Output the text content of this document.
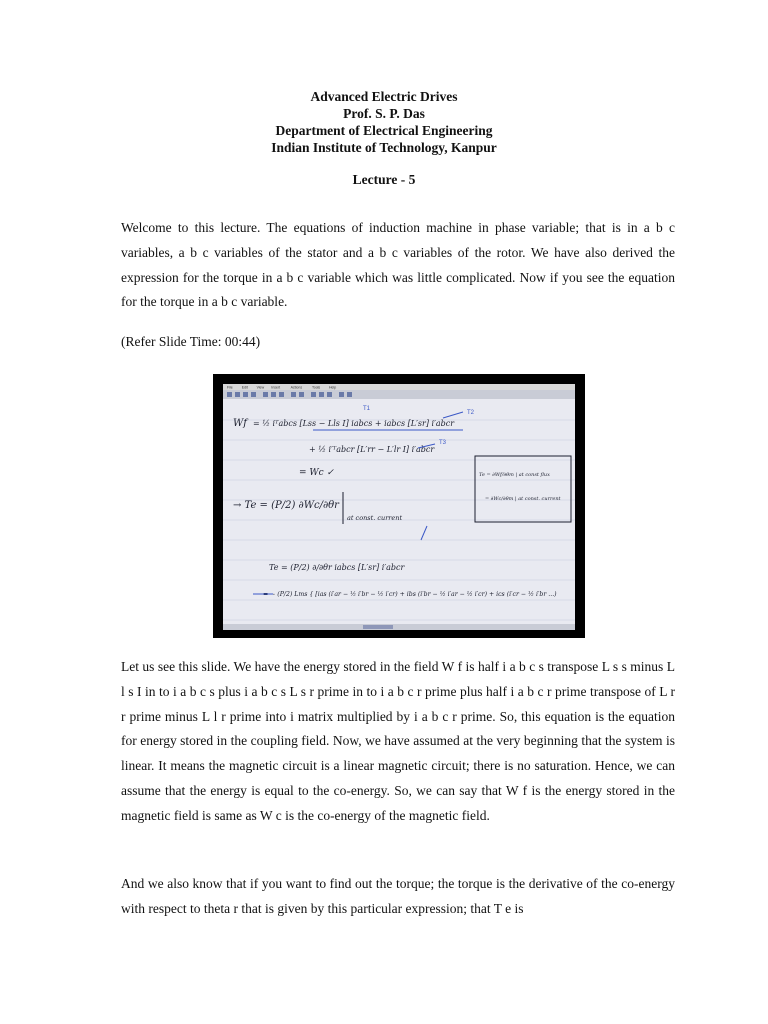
Advanced Electric Drives
Prof. S. P. Das
Department of Electrical Engineering
Indian Institute of Technology, Kanpur
Lecture - 5

Welcome to this lecture. The equations of induction machine in phase variable; that is in a b c variables, a b c variables of the stator and a b c variables of the rotor. We have also derived the expression for the torque in a b c variable which was little complicated. Now if you see the equation for the torque in a b c variable.

(Refer Slide Time: 00:44)

File	Edit	View Insert	Actions	Tools	Help
Wf = ½ iᵀabcs [Lss − Lls I] iabcs + iabcs [L′sr] i′abcr
+ ½ i′ᵀabcr [L′rr − L′lr I] i′abcr
= Wc ✓
→ Te = (P/2) ∂Wc/∂θr
at const. current
Te = (P/2) ∂/∂θr iabcs [L′sr] i′abcr
= − (P/2) Lms { [ias (i′ar − ½ i′br − ½ i′cr) + ibs (i′br − ½ i′ar − ½ i′cr) + ics (i′cr − ½ i′br ...)
Te = ∂Wf/∂θm | at const flux
= ∂Wc/∂θm | at const. current
T1
T2
T3

Let us see this slide. We have the energy stored in the field W f is half i a b c s transpose L s s minus L l s I in to i a b c s plus i a b c s L s r prime in to i a b c r prime plus half i a b c r prime transpose of L r r prime minus L l r prime into i matrix multiplied by i a b c r prime. So, this equation is the equation for energy stored in the coupling field. Now, we have assumed at the very beginning that the system is linear. It means the magnetic circuit is a linear magnetic circuit; there is no saturation. Hence, we can assume that the energy is equal to the co-energy. So, we can say that W f is the energy stored in the magnetic field is same as W c is the co-energy of the magnetic field.

And we also know that if you want to find out the torque; the torque is the derivative of the co-energy with respect to theta r that is given by this particular expression; that T e is
